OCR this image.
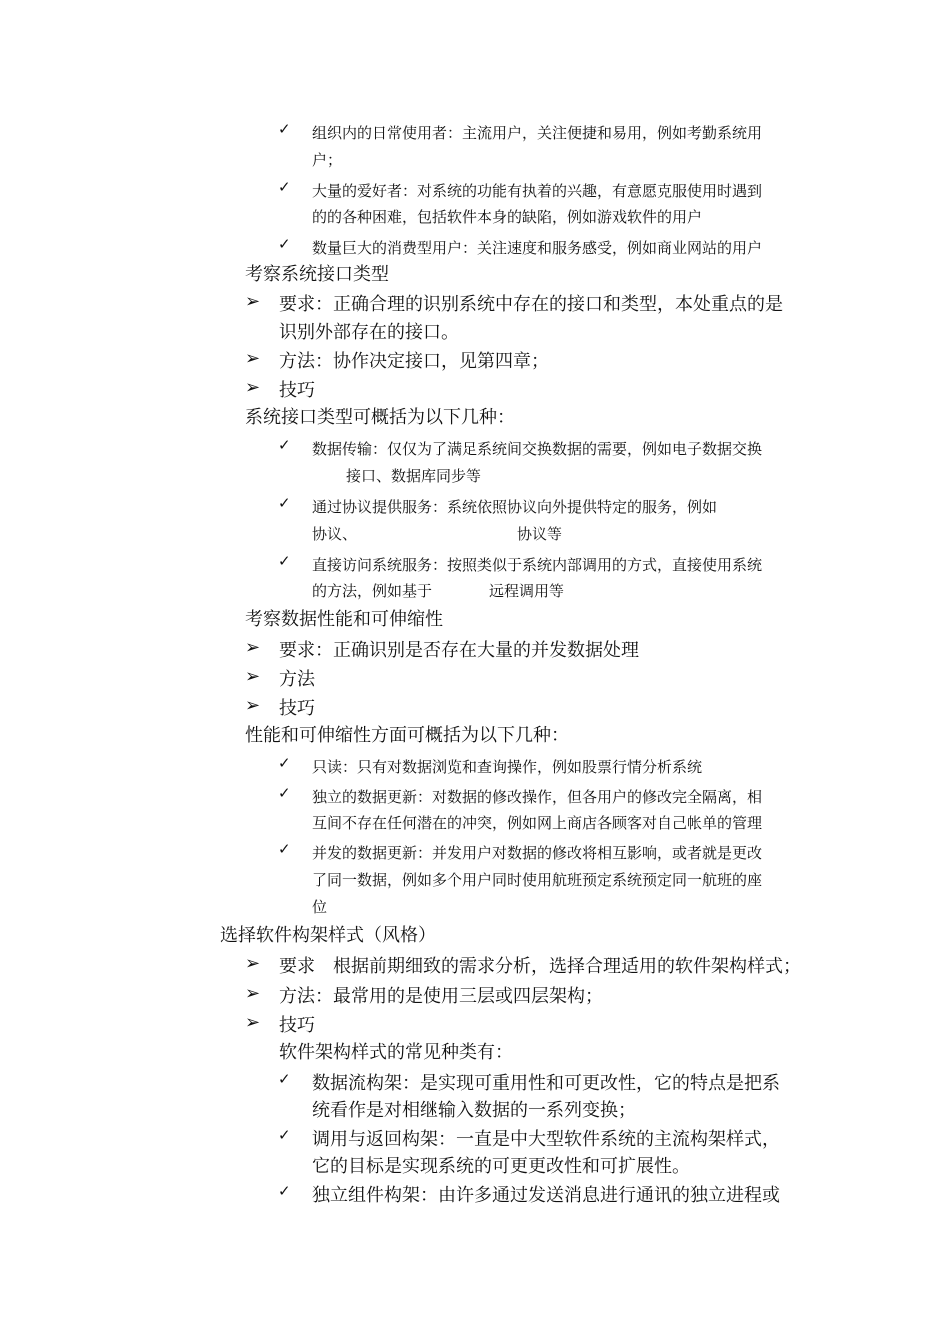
✓ 组织内的日常使用者：主流用户，关注便捷和易用，例如考勤系统用
户；
✓ 大量的爱好者：对系统的功能有执着的兴趣，有意愿克服使用时遇到
的的各种困难，包括软件本身的缺陷，例如游戏软件的用户
✓ 数量巨大的消费型用户：关注速度和服务感受，例如商业网站的用户
考察系统接口类型
➢ 要求：正确合理的识别系统中存在的接口和类型，本处重点的是
识别外部存在的接口。
➢ 方法：协作决定接口，见第四章；
➢ 技巧
系统接口类型可概括为以下几种：
✓ 数据传输：仅仅为了满足系统间交换数据的需要，例如电子数据交换
接口、数据库同步等
✓ 通过协议提供服务：系统依照协议向外提供特定的服务，例如
协议、	协议等
✓ 直接访问系统服务：按照类似于系统内部调用的方式，直接使用系统
的方法，例如基于	远程调用等
考察数据性能和可伸缩性
➢ 要求：正确识别是否存在大量的并发数据处理
➢ 方法
➢ 技巧
性能和可伸缩性方面可概括为以下几种：
✓ 只读：只有对数据浏览和查询操作，例如股票行情分析系统
✓ 独立的数据更新：对数据的修改操作，但各用户的修改完全隔离，相
互间不存在任何潜在的冲突，例如网上商店各顾客对自己帐单的管理
✓ 并发的数据更新：并发用户对数据的修改将相互影响，或者就是更改
了同一数据，例如多个用户同时使用航班预定系统预定同一航班的座
位
选择软件构架样式（风格）
➢ 要求　根据前期细致的需求分析，选择合理适用的软件架构样式；
➢ 方法：最常用的是使用三层或四层架构；
➢ 技巧
软件架构样式的常见种类有：
✓ 数据流构架：是实现可重用性和可更改性，它的特点是把系
统看作是对相继输入数据的一系列变换；
✓ 调用与返回构架：一直是中大型软件系统的主流构架样式，
它的目标是实现系统的可更更改性和可扩展性。
✓ 独立组件构架：由许多通过发送消息进行通讯的独立进程或
